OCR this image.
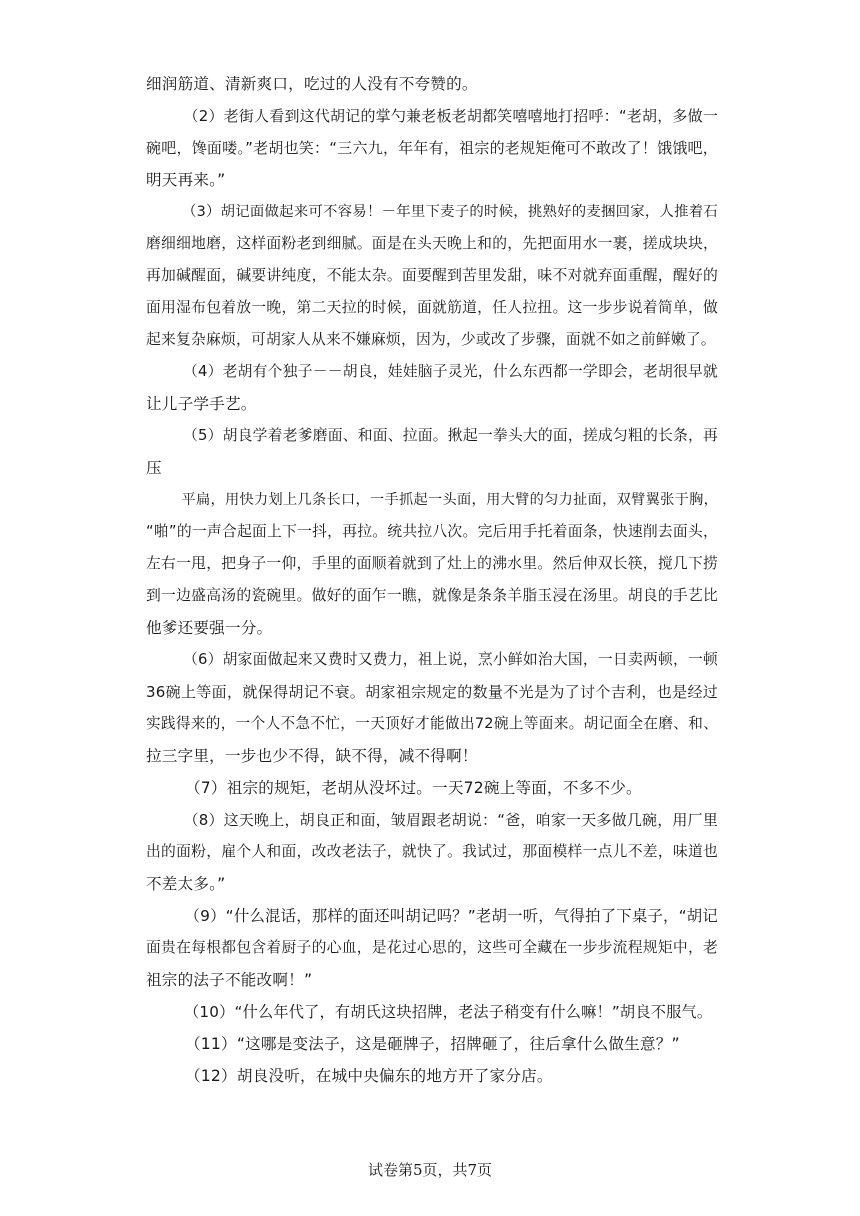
细润筋道、清新爽口，吃过的人没有不夸赞的。
（2）老街人看到这代胡记的掌勺兼老板老胡都笑嘻嘻地打招呼：“老胡，多做一
碗吧，馋面喽。”老胡也笑：“三六九，年年有，祖宗的老规矩俺可不敢改了！饿饿吧，
明天再来。”
（3）胡记面做起来可不容易！－年里下麦子的时候，挑熟好的麦捆回家，人推着石
磨细细地磨，这样面粉老到细腻。面是在头天晚上和的，先把面用水一裹，搓成块块，
再加碱醒面，碱要讲纯度，不能太杂。面要醒到苦里发甜，味不对就弃面重醒，醒好的
面用湿布包着放一晚，第二天拉的时候，面就筋道，任人拉扭。这一步步说着简单，做
起来复杂麻烦，可胡家人从来不嫌麻烦，因为，少或改了步骤，面就不如之前鲜嫩了。
（4）老胡有个独子－－胡良，娃娃脑子灵光，什么东西都一学即会，老胡很早就
让儿子学手艺。
（5）胡良学着老爹磨面、和面、拉面。揪起一拳头大的面，搓成匀粗的长条，再
压
平扁，用快力划上几条长口，一手抓起一头面，用大臂的匀力扯面，双臂翼张于胸，
“啪”的一声合起面上下一抖，再拉。统共拉八次。完后用手托着面条，快速削去面头，
左右一甩，把身子一仰，手里的面顺着就到了灶上的沸水里。然后伸双长筷，搅几下捞
到一边盛高汤的瓷碗里。做好的面乍一瞧，就像是条条羊脂玉浸在汤里。胡良的手艺比
他爹还要强一分。
（6）胡家面做起来又费时又费力，祖上说，烹小鲜如治大国，一日卖两顿，一顿
36碗上等面，就保得胡记不衰。胡家祖宗规定的数量不光是为了讨个吉利，也是经过
实践得来的，一个人不急不忙，一天顶好才能做出72碗上等面来。胡记面全在磨、和、
拉三字里，一步也少不得，缺不得，减不得啊！
（7）祖宗的规矩，老胡从没坏过。一天72碗上等面，不多不少。
（8）这天晚上，胡良正和面，皱眉跟老胡说：“爸，咱家一天多做几碗，用厂里
出的面粉，雇个人和面，改改老法子，就快了。我试过，那面模样一点儿不差，味道也
不差太多。”
（9）“什么混话，那样的面还叫胡记吗？”老胡一听，气得拍了下桌子，“胡记
面贵在每根都包含着厨子的心血，是花过心思的，这些可全藏在一步步流程规矩中，老
祖宗的法子不能改啊！”
（10）“什么年代了，有胡氏这块招牌，老法子稍变有什么嘛！”胡良不服气。
（11）“这哪是变法子，这是砸牌子，招牌砸了，往后拿什么做生意？”
（12）胡良没听，在城中央偏东的地方开了家分店。
试卷第5页，共7页
